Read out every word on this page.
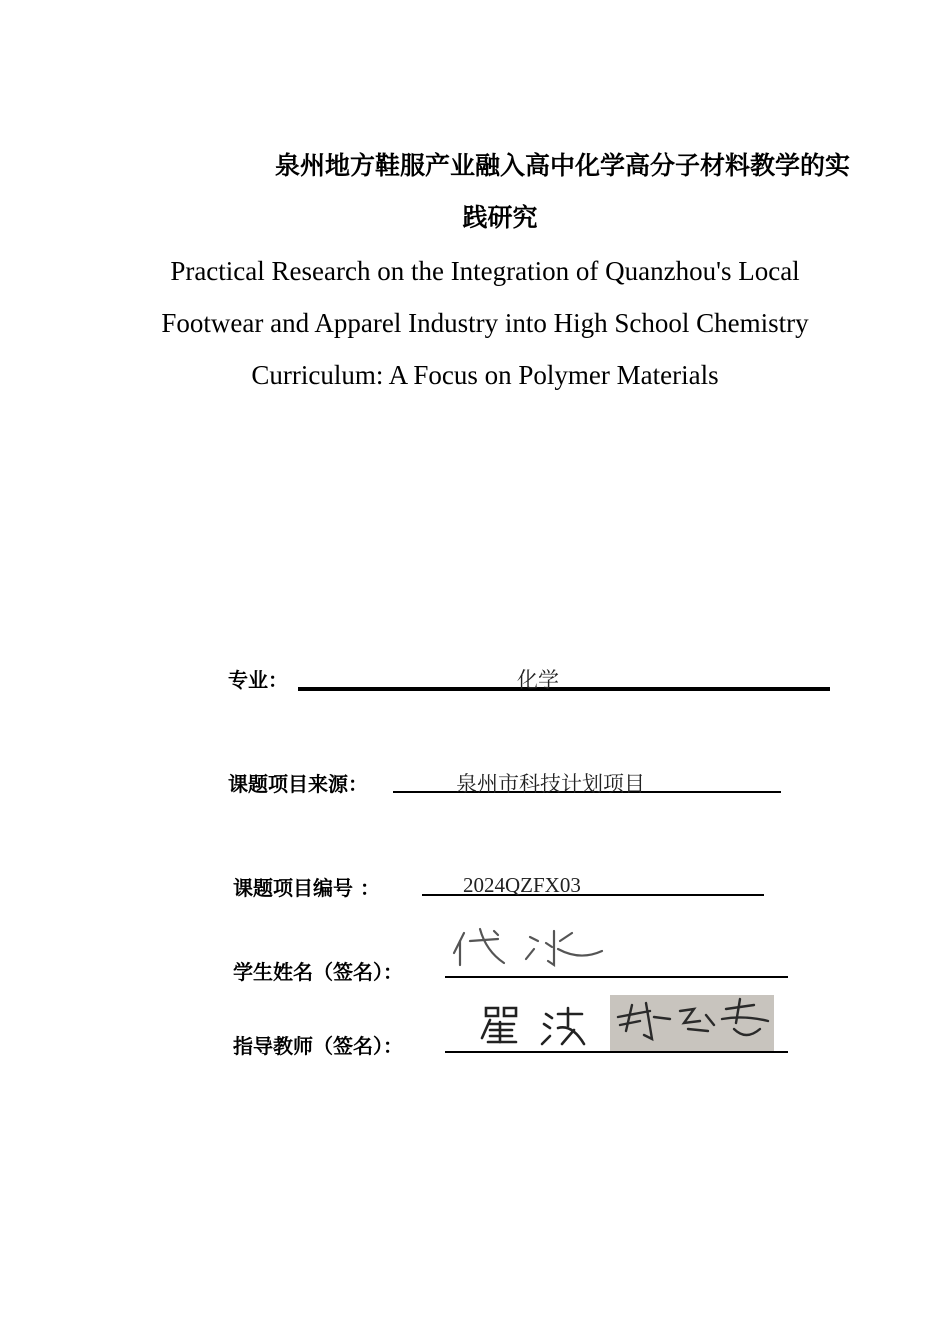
泉州地方鞋服产业融入高中化学高分子材料教学的实
践研究
Practical Research on the Integration of Quanzhou's Local
Footwear and Apparel Industry into High School Chemistry
Curriculum: A Focus on Polymer Materials
专业：	化学
课题项目来源：	泉州市科技计划项目
课题项目编号 ：	2024QZFX03
学生姓名（签名）：
指导教师（签名）：
